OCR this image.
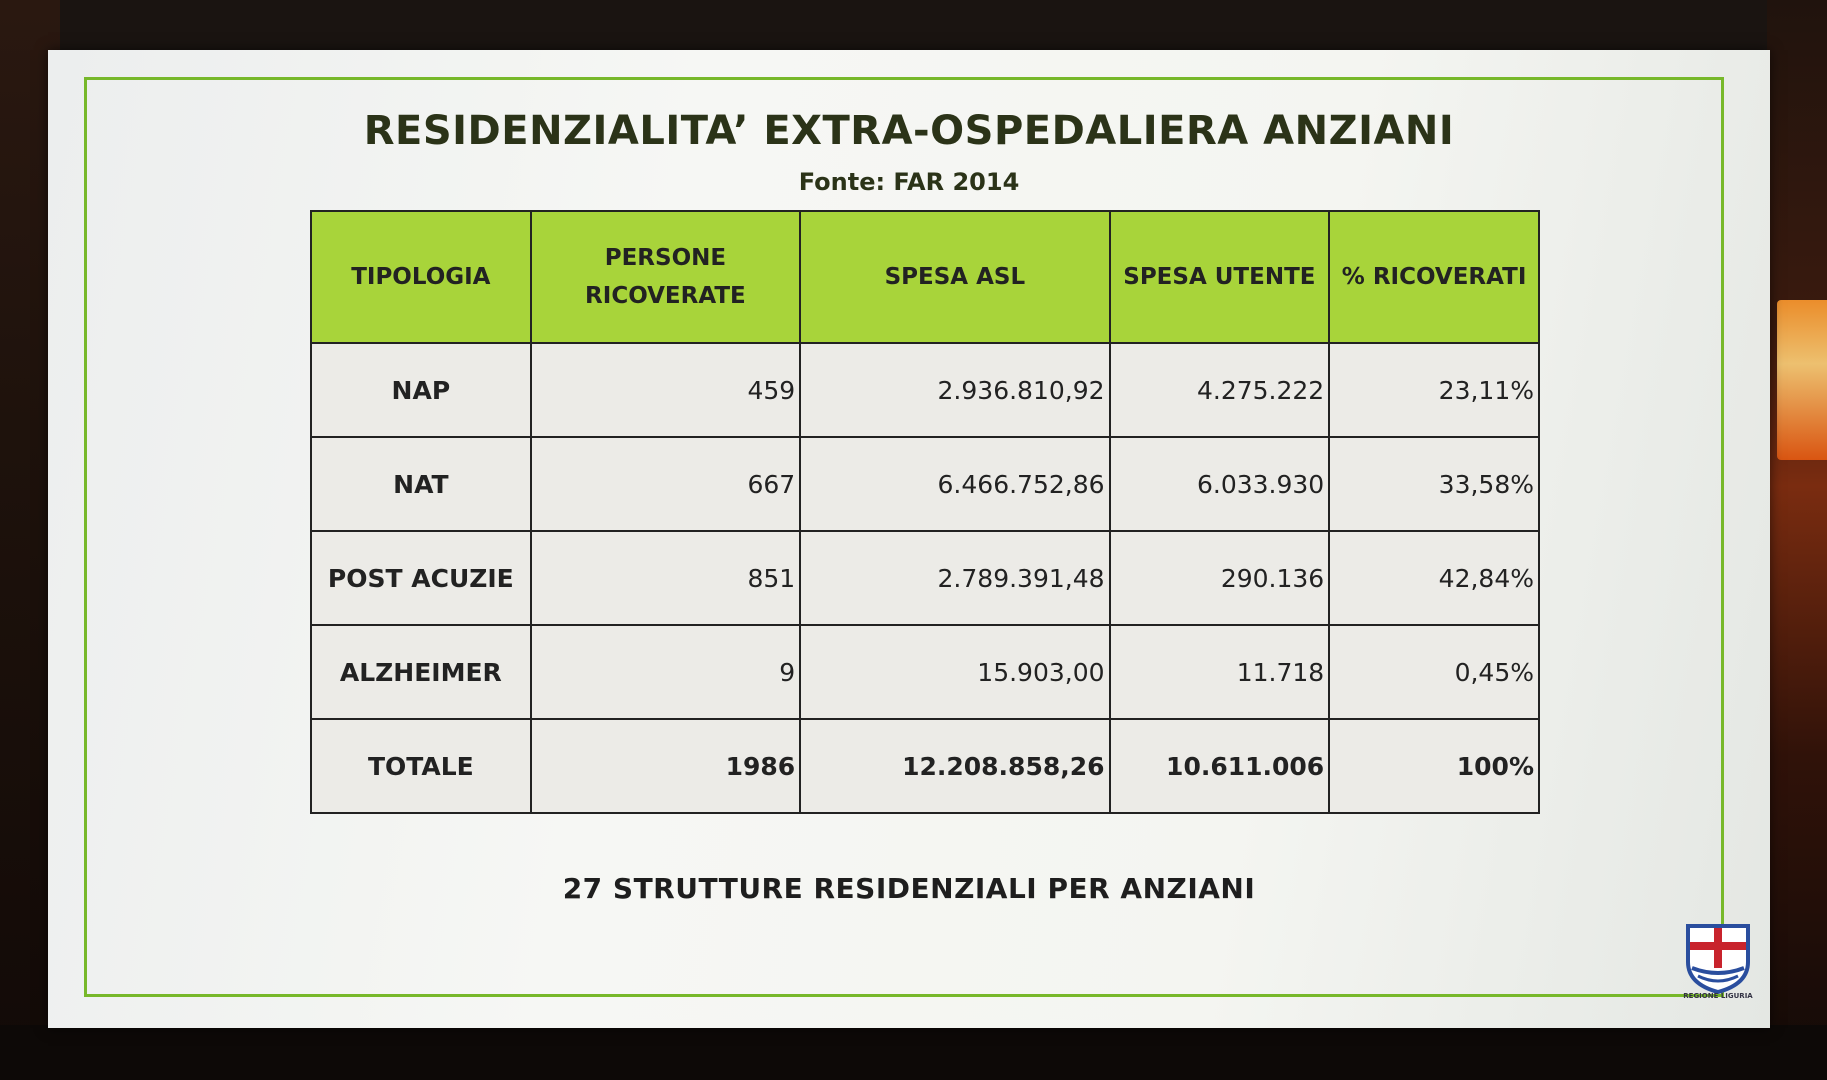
RESIDENZIALITA’ EXTRA-OSPEDALIERA ANZIANI
Fonte: FAR 2014
TIPOLOGIA	PERSONE RICOVERATE	SPESA ASL	SPESA UTENTE	% RICOVERATI
NAP	459	2.936.810,92	4.275.222	23,11%
NAT	667	6.466.752,86	6.033.930	33,58%
POST ACUZIE	851	2.789.391,48	290.136	42,84%
ALZHEIMER	9	15.903,00	11.718	0,45%
TOTALE	1986	12.208.858,26	10.611.006	100%
27 STRUTTURE RESIDENZIALI PER ANZIANI
REGIONE LIGURIA
